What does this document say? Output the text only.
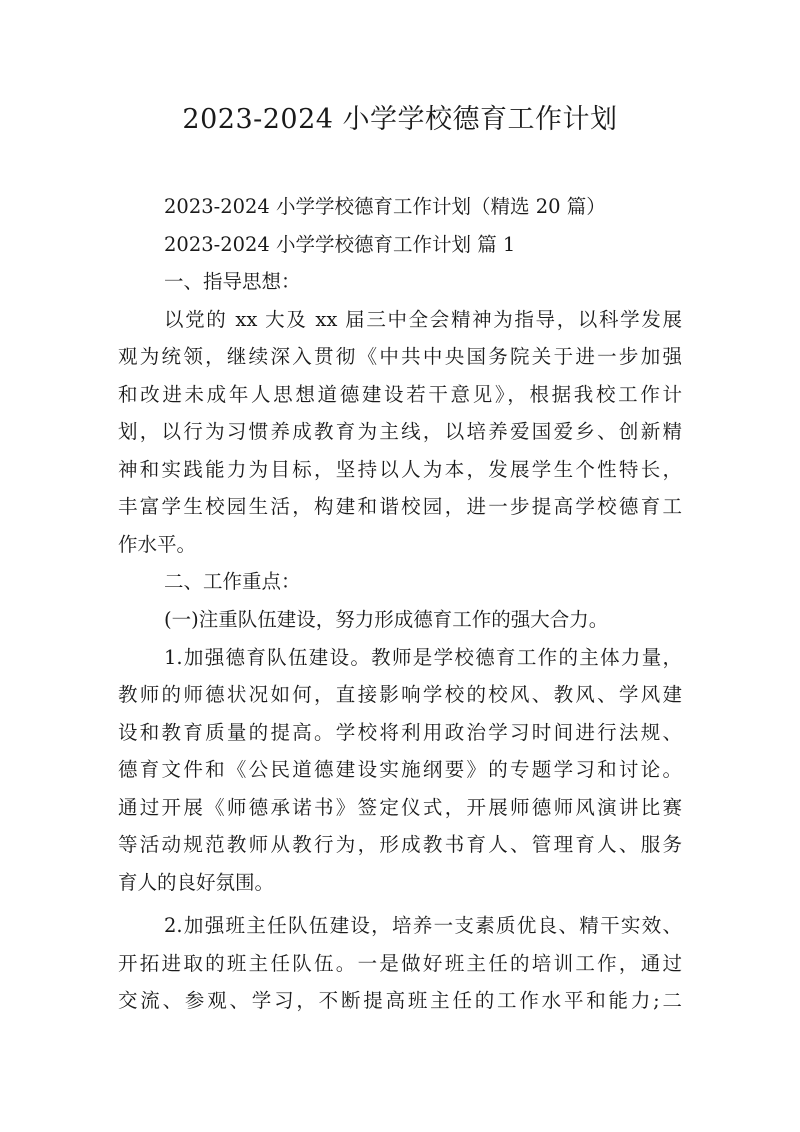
2023-2024 小学学校德育工作计划

2023-2024 小学学校德育工作计划（精选 20 篇）

2023-2024 小学学校德育工作计划 篇 1

一、指导思想：

以党的 xx 大及 xx 届三中全会精神为指导，以科学发展

观为统领，继续深入贯彻《中共中央国务院关于进一步加强

和改进未成年人思想道德建设若干意见》，根据我校工作计

划，以行为习惯养成教育为主线，以培养爱国爱乡、创新精

神和实践能力为目标，坚持以人为本，发展学生个性特长，

丰富学生校园生活，构建和谐校园，进一步提高学校德育工

作水平。

二、工作重点：

(一)注重队伍建设，努力形成德育工作的强大合力。

1.加强德育队伍建设。教师是学校德育工作的主体力量，

教师的师德状况如何，直接影响学校的校风、教风、学风建

设和教育质量的提高。学校将利用政治学习时间进行法规、

德育文件和《公民道德建设实施纲要》的专题学习和讨论。

通过开展《师德承诺书》签定仪式，开展师德师风演讲比赛

等活动规范教师从教行为，形成教书育人、管理育人、服务

育人的良好氛围。

2.加强班主任队伍建设，培养一支素质优良、精干实效、

开拓进取的班主任队伍。一是做好班主任的培训工作，通过

交流、参观、学习，不断提高班主任的工作水平和能力;二
